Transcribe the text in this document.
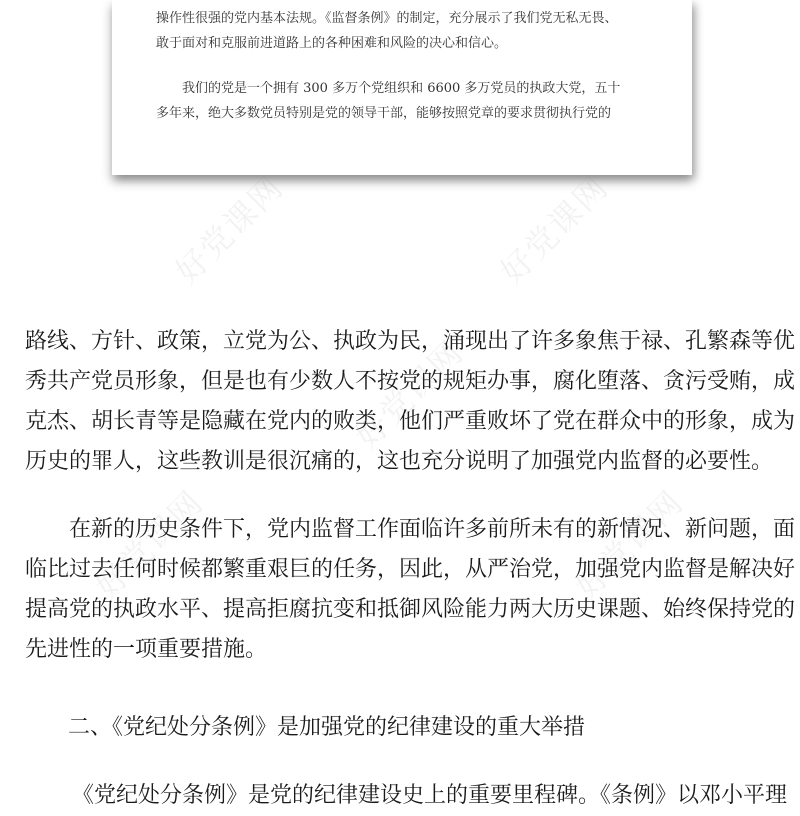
操作性很强的党内基本法规。《监督条例》的制定，充分展示了我们党无私无畏、

敢于面对和克服前进道路上的各种困难和风险的决心和信心。

我们的党是一个拥有 300 多万个党组织和 6600 多万党员的执政大党，五十

多年来，绝大多数党员特别是党的领导干部，能够按照党章的要求贯彻执行党的

好党课网	好党课网
好党课网
好党课网	好党课网
路线、方针、政策，立党为公、执政为民，涌现出了许多象焦于禄、孔繁森等优
秀共产党员形象，但是也有少数人不按党的规矩办事，腐化堕落、贪污受贿，成
克杰、胡长青等是隐藏在党内的败类，他们严重败坏了党在群众中的形象，成为
历史的罪人，这些教训是很沉痛的，这也充分说明了加强党内监督的必要性。
在新的历史条件下，党内监督工作面临许多前所未有的新情况、新问题，面
临比过去任何时候都繁重艰巨的任务，因此，从严治党，加强党内监督是解决好
提高党的执政水平、提高拒腐抗变和抵御风险能力两大历史课题、始终保持党的
先进性的一项重要措施。
二、《党纪处分条例》是加强党的纪律建设的重大举措
《党纪处分条例》是党的纪律建设史上的重要里程碑。《条例》以邓小平理
